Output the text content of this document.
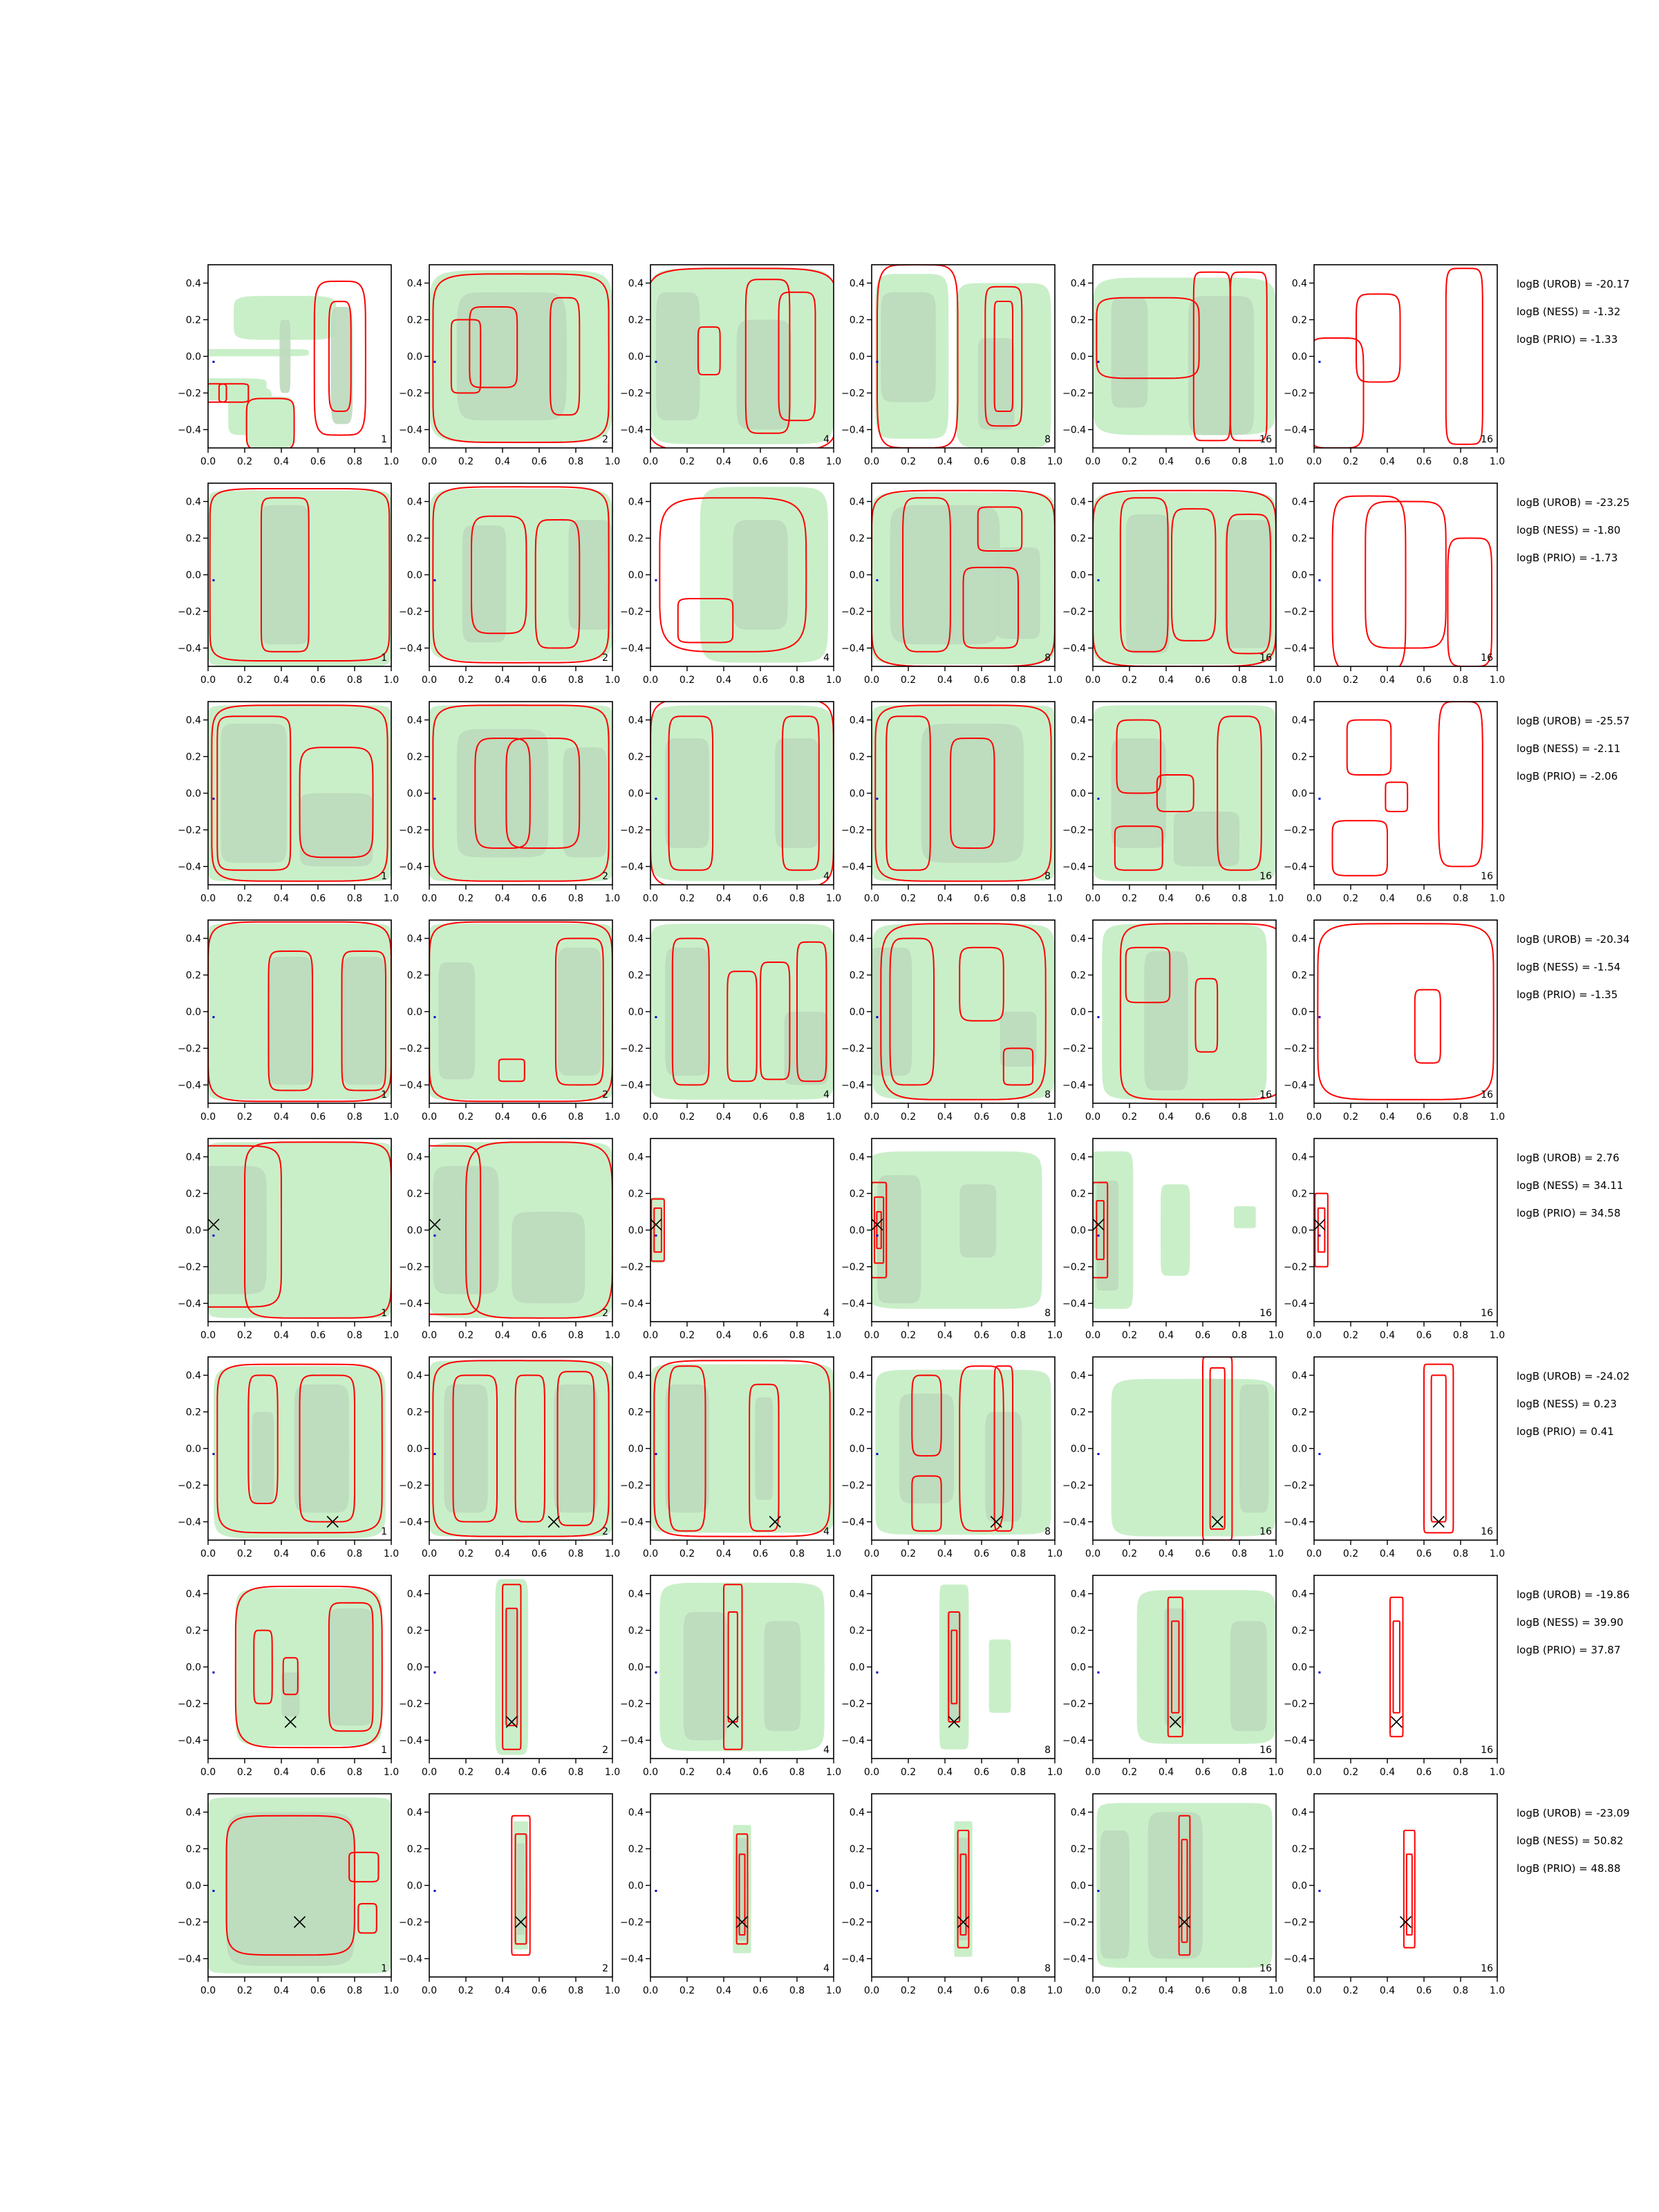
0.0 0.2 0.4 0.6 0.8 1.0
0.4
0.2
0.0
−0.2
−0.4
1
0.0 0.2 0.4 0.6 0.8 1.0
0.4
0.2
0.0
−0.2
−0.4
2
0.0 0.2 0.4 0.6 0.8 1.0
0.4
0.2
0.0
−0.2
−0.4
4
0.0 0.2 0.4 0.6 0.8 1.0
0.4
0.2
0.0
−0.2
−0.4
8
0.0 0.2 0.4 0.6 0.8 1.0
0.4
0.2
0.0
−0.2
−0.4
16
0.0 0.2 0.4 0.6 0.8 1.0
0.4
0.2
0.0
−0.2
−0.4
16
logB (UROB) = -20.17
logB (NESS) = -1.32
logB (PRIO) = -1.33
0.0 0.2 0.4 0.6 0.8 1.0
0.4
0.2
0.0
−0.2
−0.4
1
0.0 0.2 0.4 0.6 0.8 1.0
0.4
0.2
0.0
−0.2
−0.4
2
0.0 0.2 0.4 0.6 0.8 1.0
0.4
0.2
0.0
−0.2
−0.4
4
0.0 0.2 0.4 0.6 0.8 1.0
0.4
0.2
0.0
−0.2
−0.4
8
0.0 0.2 0.4 0.6 0.8 1.0
0.4
0.2
0.0
−0.2
−0.4
16
0.0 0.2 0.4 0.6 0.8 1.0
0.4
0.2
0.0
−0.2
−0.4
16
logB (UROB) = -23.25
logB (NESS) = -1.80
logB (PRIO) = -1.73
0.0 0.2 0.4 0.6 0.8 1.0
0.4
0.2
0.0
−0.2
−0.4
1
0.0 0.2 0.4 0.6 0.8 1.0
0.4
0.2
0.0
−0.2
−0.4
2
0.0 0.2 0.4 0.6 0.8 1.0
0.4
0.2
0.0
−0.2
−0.4
4
0.0 0.2 0.4 0.6 0.8 1.0
0.4
0.2
0.0
−0.2
−0.4
8
0.0 0.2 0.4 0.6 0.8 1.0
0.4
0.2
0.0
−0.2
−0.4
16
0.0 0.2 0.4 0.6 0.8 1.0
0.4
0.2
0.0
−0.2
−0.4
16
logB (UROB) = -25.57
logB (NESS) = -2.11
logB (PRIO) = -2.06
0.0 0.2 0.4 0.6 0.8 1.0
0.4
0.2
0.0
−0.2
−0.4
1
0.0 0.2 0.4 0.6 0.8 1.0
0.4
0.2
0.0
−0.2
−0.4
2
0.0 0.2 0.4 0.6 0.8 1.0
0.4
0.2
0.0
−0.2
−0.4
4
0.0 0.2 0.4 0.6 0.8 1.0
0.4
0.2
0.0
−0.2
−0.4
8
0.0 0.2 0.4 0.6 0.8 1.0
0.4
0.2
0.0
−0.2
−0.4
16
0.0 0.2 0.4 0.6 0.8 1.0
0.4
0.2
0.0
−0.2
−0.4
16
logB (UROB) = -20.34
logB (NESS) = -1.54
logB (PRIO) = -1.35
0.0 0.2 0.4 0.6 0.8 1.0
0.4
0.2
0.0
−0.2
−0.4
1
0.0 0.2 0.4 0.6 0.8 1.0
0.4
0.2
0.0
−0.2
−0.4
2
0.0 0.2 0.4 0.6 0.8 1.0
0.4
0.2
0.0
−0.2
−0.4
4
0.0 0.2 0.4 0.6 0.8 1.0
0.4
0.2
0.0
−0.2
−0.4
8
0.0 0.2 0.4 0.6 0.8 1.0
0.4
0.2
0.0
−0.2
−0.4
16
0.0 0.2 0.4 0.6 0.8 1.0
0.4
0.2
0.0
−0.2
−0.4
16
logB (UROB) = 2.76
logB (NESS) = 34.11
logB (PRIO) = 34.58
0.0 0.2 0.4 0.6 0.8 1.0
0.4
0.2
0.0
−0.2
−0.4
1
0.0 0.2 0.4 0.6 0.8 1.0
0.4
0.2
0.0
−0.2
−0.4
2
0.0 0.2 0.4 0.6 0.8 1.0
0.4
0.2
0.0
−0.2
−0.4
4
0.0 0.2 0.4 0.6 0.8 1.0
0.4
0.2
0.0
−0.2
−0.4
8
0.0 0.2 0.4 0.6 0.8 1.0
0.4
0.2
0.0
−0.2
−0.4
16
0.0 0.2 0.4 0.6 0.8 1.0
0.4
0.2
0.0
−0.2
−0.4
16
logB (UROB) = -24.02
logB (NESS) = 0.23
logB (PRIO) = 0.41
0.0 0.2 0.4 0.6 0.8 1.0
0.4
0.2
0.0
−0.2
−0.4
1
0.0 0.2 0.4 0.6 0.8 1.0
0.4
0.2
0.0
−0.2
−0.4
2
0.0 0.2 0.4 0.6 0.8 1.0
0.4
0.2
0.0
−0.2
−0.4
4
0.0 0.2 0.4 0.6 0.8 1.0
0.4
0.2
0.0
−0.2
−0.4
8
0.0 0.2 0.4 0.6 0.8 1.0
0.4
0.2
0.0
−0.2
−0.4
16
0.0 0.2 0.4 0.6 0.8 1.0
0.4
0.2
0.0
−0.2
−0.4
16
logB (UROB) = -19.86
logB (NESS) = 39.90
logB (PRIO) = 37.87
0.0 0.2 0.4 0.6 0.8 1.0
0.4
0.2
0.0
−0.2
−0.4
1
0.0 0.2 0.4 0.6 0.8 1.0
0.4
0.2
0.0
−0.2
−0.4
2
0.0 0.2 0.4 0.6 0.8 1.0
0.4
0.2
0.0
−0.2
−0.4
4
0.0 0.2 0.4 0.6 0.8 1.0
0.4
0.2
0.0
−0.2
−0.4
8
0.0 0.2 0.4 0.6 0.8 1.0
0.4
0.2
0.0
−0.2
−0.4
16
0.0 0.2 0.4 0.6 0.8 1.0
0.4
0.2
0.0
−0.2
−0.4
16
logB (UROB) = -23.09
logB (NESS) = 50.82
logB (PRIO) = 48.88
